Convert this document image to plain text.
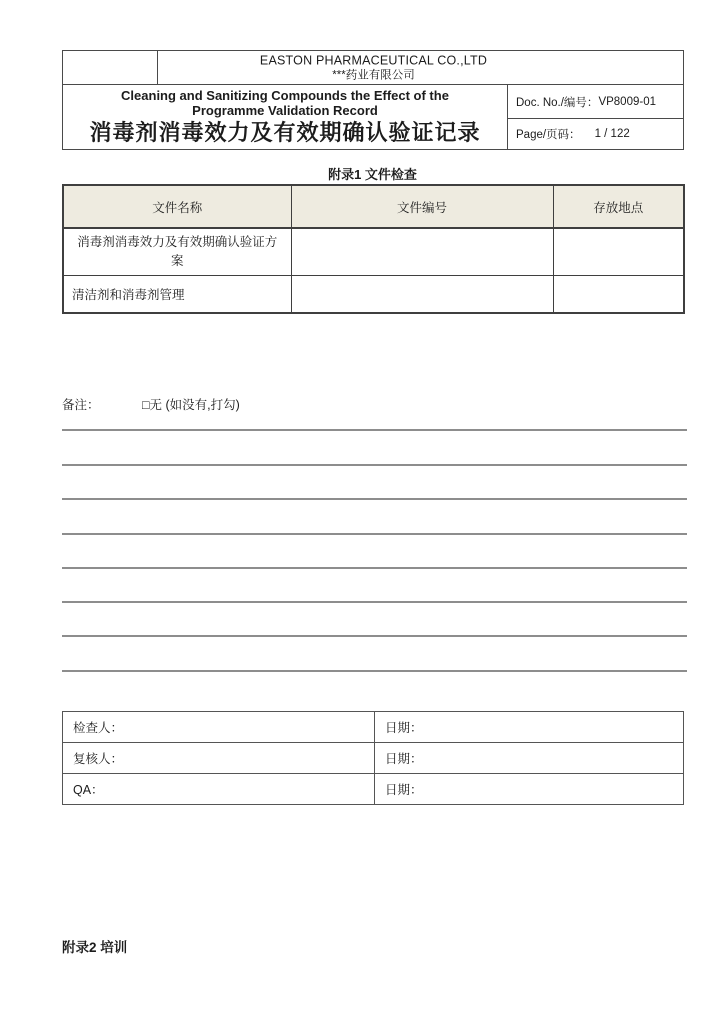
	EASTON PHARMACEUTICAL CO.,LTD
***药业有限公司	

Cleaning and Sanitizing Compounds the Effect of the
Programme Validation Record
消毒剂消毒效力及有效期确认验证记录

Doc. No./编号： VP8009-01
Page/页码： 1 / 122
附录1 文件检查
文件名称	文件编号	存放地点
消毒剂消毒效力及有效期确认验证方案		
清洁剂和消毒剂管理		
备注：	□无 (如没有,打勾)
检查人：	日期：
复核人：	日期：
QA：	日期：
附录2 培训
